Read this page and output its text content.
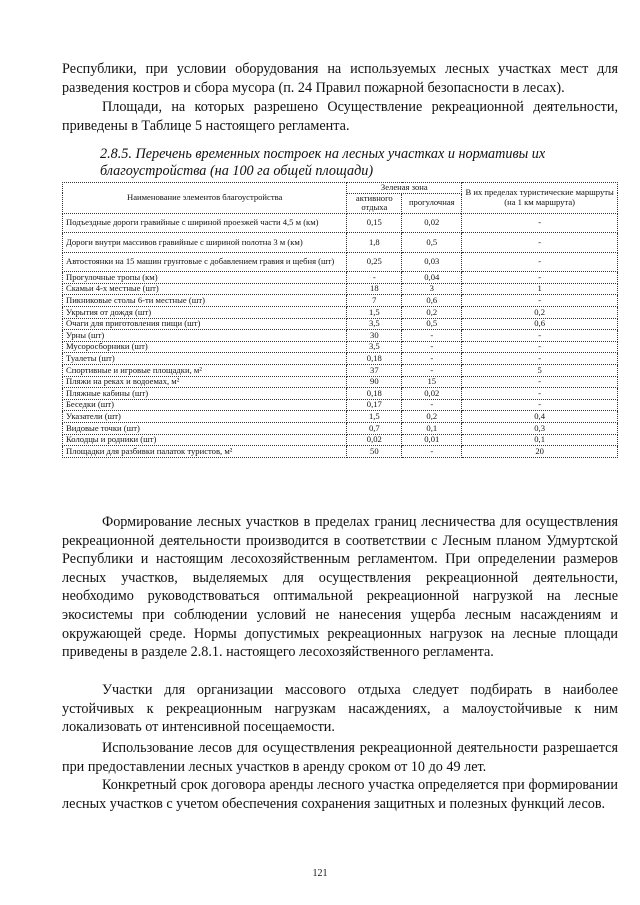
Республики, при условии оборудования на используемых лесных участках мест для разведения костров и сбора мусора (п. 24 Правил пожарной безопасности в лесах).

Площади, на которых разрешено Осуществление рекреационной деятельности, приведены в Таблице 5 настоящего регламента.

2.8.5. Перечень временных построек на лесных участках и нормативы их благоустройства (на 100 га общей площади)

Наименование элементов благоустройства	Зеленая зона		В их пределах туристические маршруты (на 1 км маршрута)
	активного отдыха	прогулочная	
Подъездные дороги гравийные с шириной проезжей части 4,5 м (км)	0,15	0,02	-
Дороги внутри массивов гравийные с шириной полотна 3 м (км)	1,8	0,5	-
Автостоянки на 15 машин грунтовые с добавлением гравия и щебня (шт)	0,25	0,03	-
Прогулочные тропы (км)	-	0,04	-
Скамьи 4-х местные (шт)	18	3	1
Пикниковые столы 6-ти местные (шт)	7	0,6	-
Укрытия от дождя (шт)	1,5	0,2	0,2
Очаги для приготовления пищи (шт)	3,5	0,5	0,6
Урны (шт)	30	-	-
Мусоросборники (шт)	3,5	-	-
Туалеты (шт)	0,18	-	-
Спортивные и игровые площадки, м²	37	-	5
Пляжи на реках и водоемах, м²	90	15	-
Пляжные кабины (шт)	0,18	0,02	-
Беседки (шт)	0,17	-	-
Указатели (шт)	1,5	0,2	0,4
Видовые точки (шт)	0,7	0,1	0,3
Колодцы и родники (шт)	0,02	0,01	0,1
Площадки для разбивки палаток туристов, м²	50	-	20

Формирование лесных участков в пределах границ лесничества для осуществления рекреационной деятельности производится в соответствии с Лесным планом Удмуртской Республики и настоящим лесохозяйственным регламентом. При определении размеров лесных участков, выделяемых для осуществления рекреационной деятельности, необходимо руководствоваться оптимальной рекреационной нагрузкой на лесные экосистемы при соблюдении условий не нанесения ущерба лесным насаждениям и окружающей среде. Нормы допустимых рекреационных нагрузок на лесные площади приведены в разделе 2.8.1. настоящего лесохозяйственного регламента.

Участки для организации массового отдыха следует подбирать в наиболее устойчивых к рекреационным нагрузкам насаждениях, а малоустойчивые к ним локализовать от интенсивной посещаемости.

Использование лесов для осуществления рекреационной деятельности разрешается при предоставлении лесных участков в аренду сроком от 10 до 49 лет.

Конкретный срок договора аренды лесного участка определяется при формировании лесных участков с учетом обеспечения сохранения защитных и полезных функций лесов.

121
